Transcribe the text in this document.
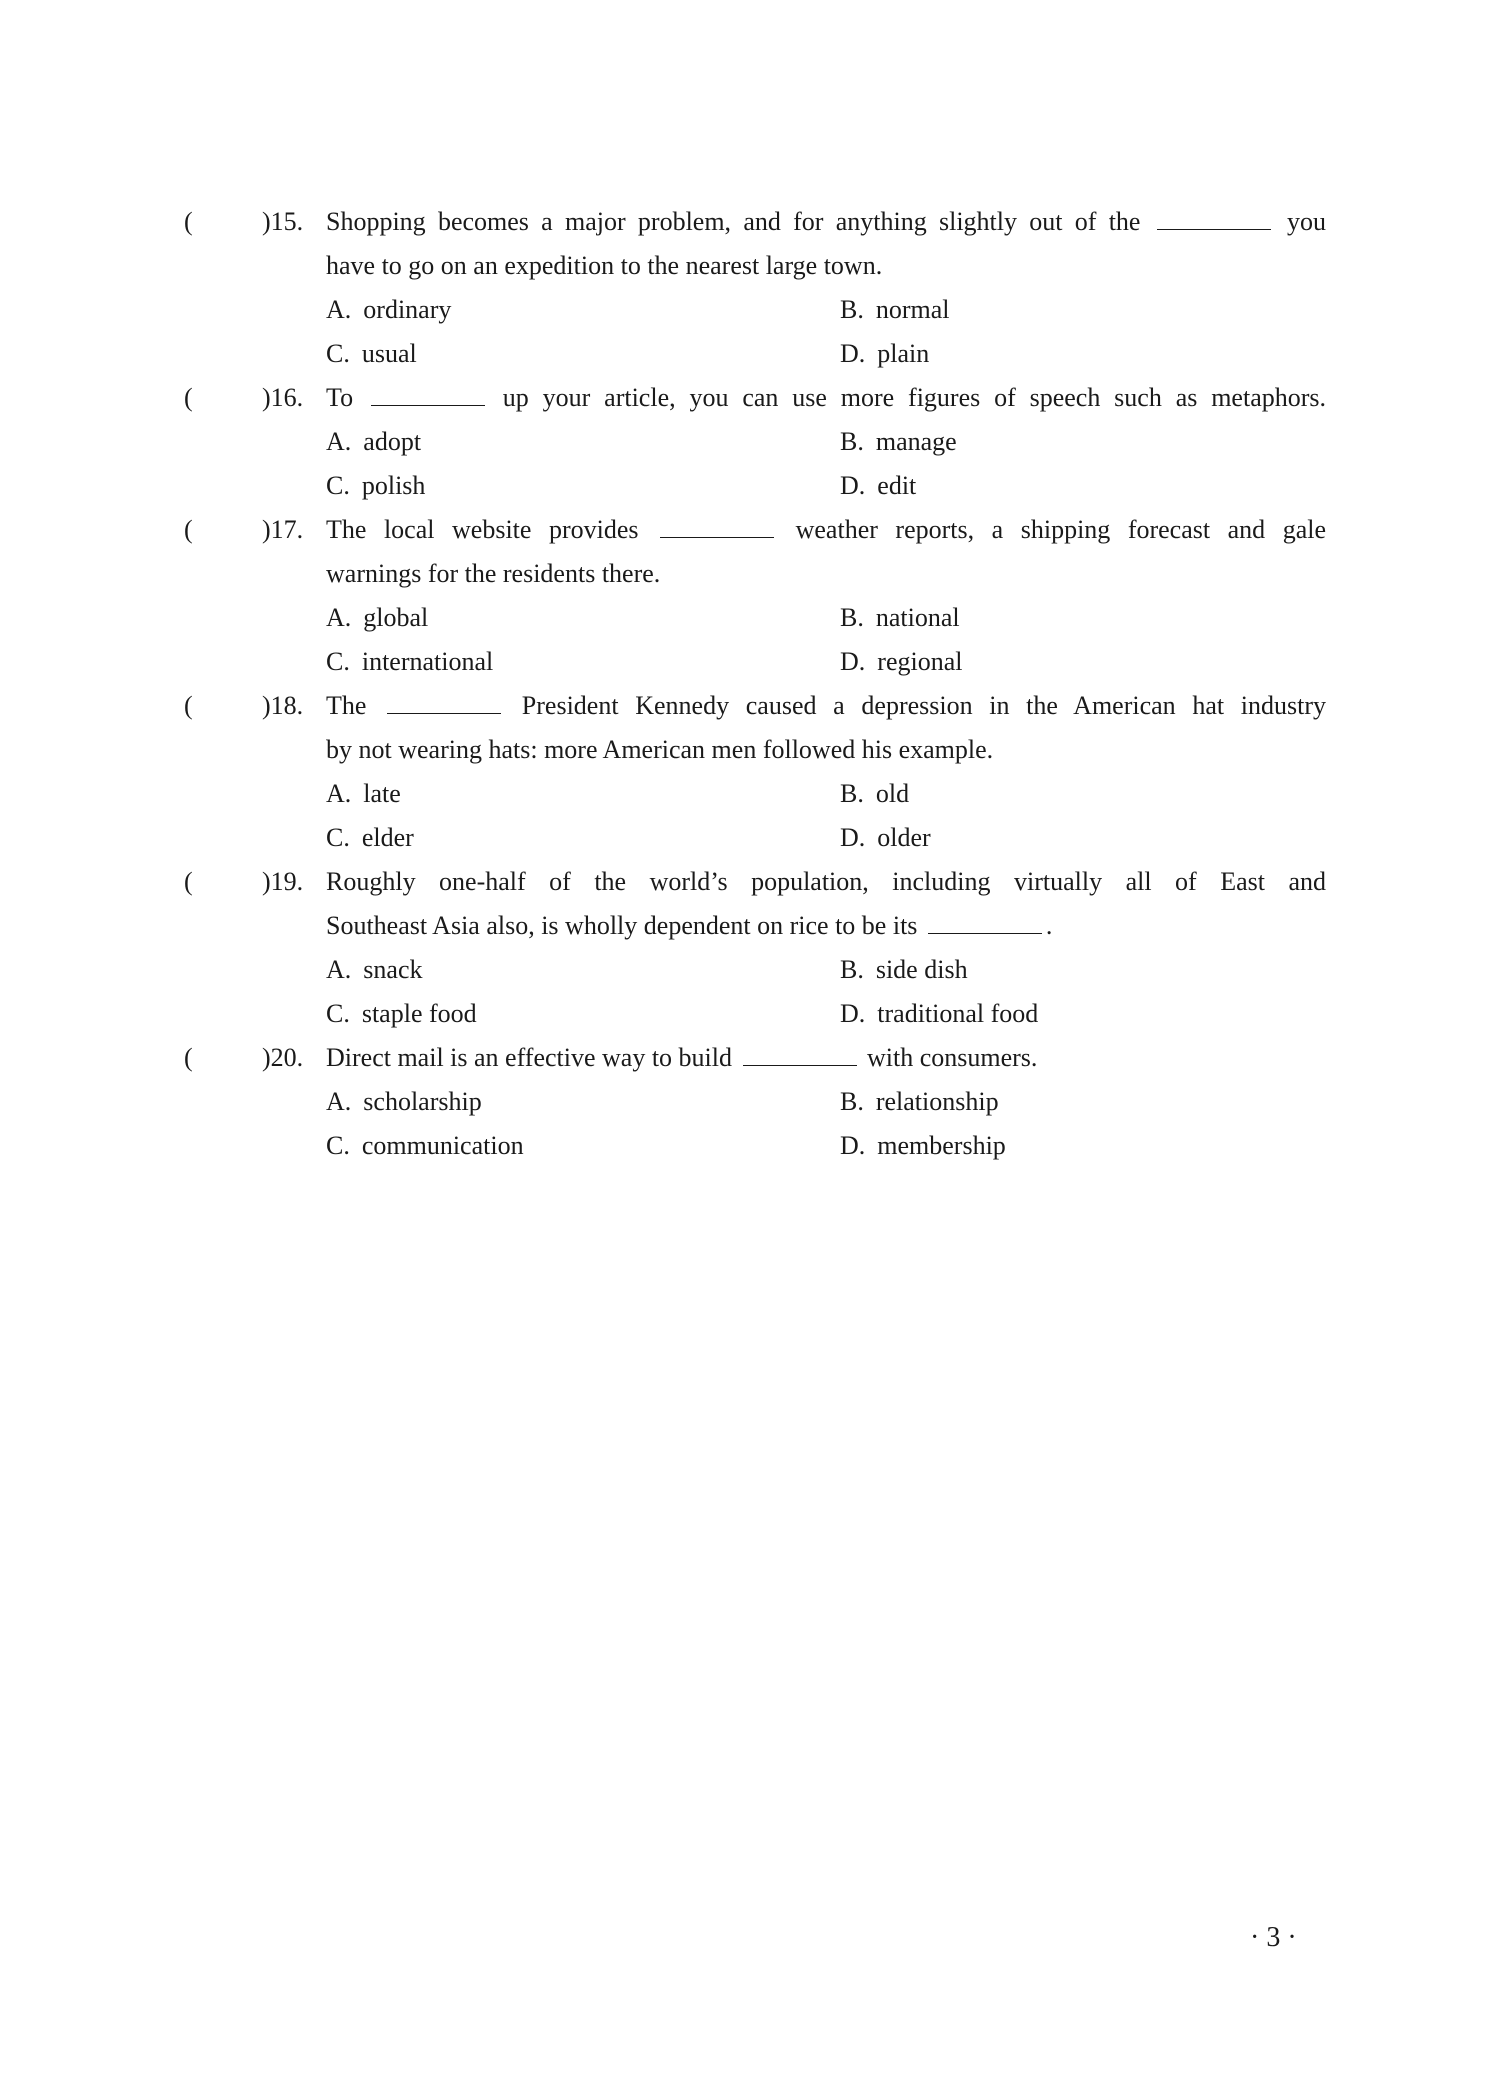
(	)15. Shopping becomes a major problem, and for anything slightly out of the	you
have to go on an expedition to the nearest large town.
A. ordinary	B. normal
C. usual	D. plain
(	)16. To	up your article, you can use more figures of speech such as metaphors.
A. adopt	B. manage
C. polish	D. edit
(	)17. The local website provides	weather reports, a shipping forecast and gale
warnings for the residents there.
A. global	B. national
C. international	D. regional
(	)18. The	President Kennedy caused a depression in the American hat industry
by not wearing hats: more American men followed his example.
A. late	B. old
C. elder	D. older
(	)19. Roughly one-half of the world’s population, including virtually all of East and
Southeast Asia also, is wholly dependent on rice to be its	.
A. snack	B. side dish
C. staple food	D. traditional food
(	)20. Direct mail is an effective way to build	with consumers.
A. scholarship	B. relationship
C. communication	D. membership
· 3 ·
